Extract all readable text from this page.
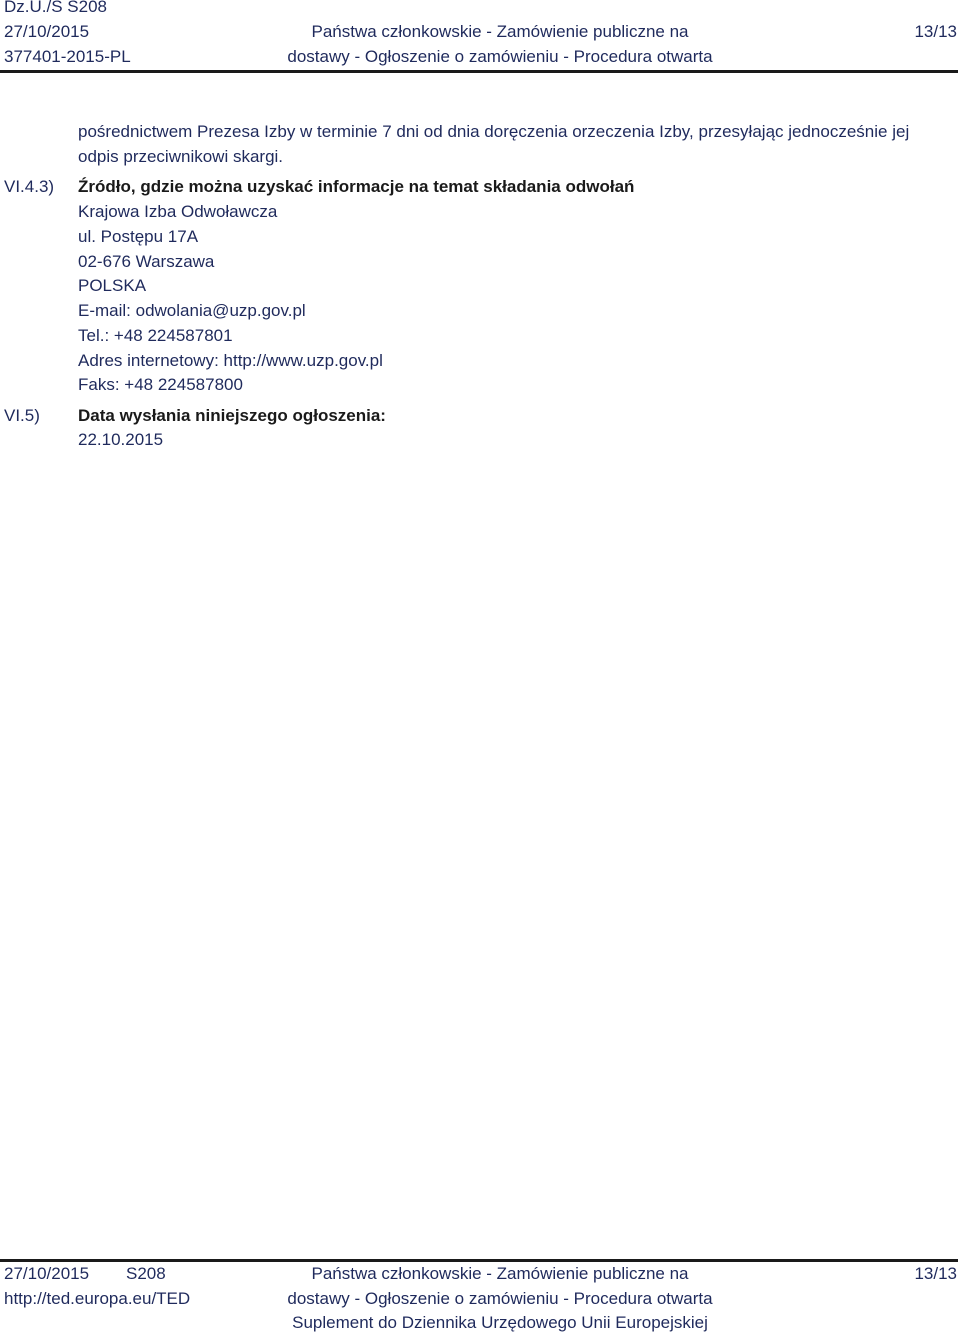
Dz.U./S S208
27/10/2015
377401-2015-PL
Państwa członkowskie - Zamówienie publiczne na
dostawy - Ogłoszenie o zamówieniu - Procedura otwarta
13/13
pośrednictwem Prezesa Izby w terminie 7 dni od dnia doręczenia orzeczenia Izby, przesyłając jednocześnie jej
odpis przeciwnikowi skargi.
VI.4.3) Źródło, gdzie można uzyskać informacje na temat składania odwołań
Krajowa Izba Odwoławcza
ul. Postępu 17A
02-676 Warszawa
POLSKA
E-mail: odwolania@uzp.gov.pl
Tel.: +48 224587801
Adres internetowy: http://www.uzp.gov.pl
Faks: +48 224587800
VI.5) Data wysłania niniejszego ogłoszenia:
22.10.2015
27/10/2015 S208
http://ted.europa.eu/TED
Państwa członkowskie - Zamówienie publiczne na
dostawy - Ogłoszenie o zamówieniu - Procedura otwarta
Suplement do Dziennika Urzędowego Unii Europejskiej
13/13
